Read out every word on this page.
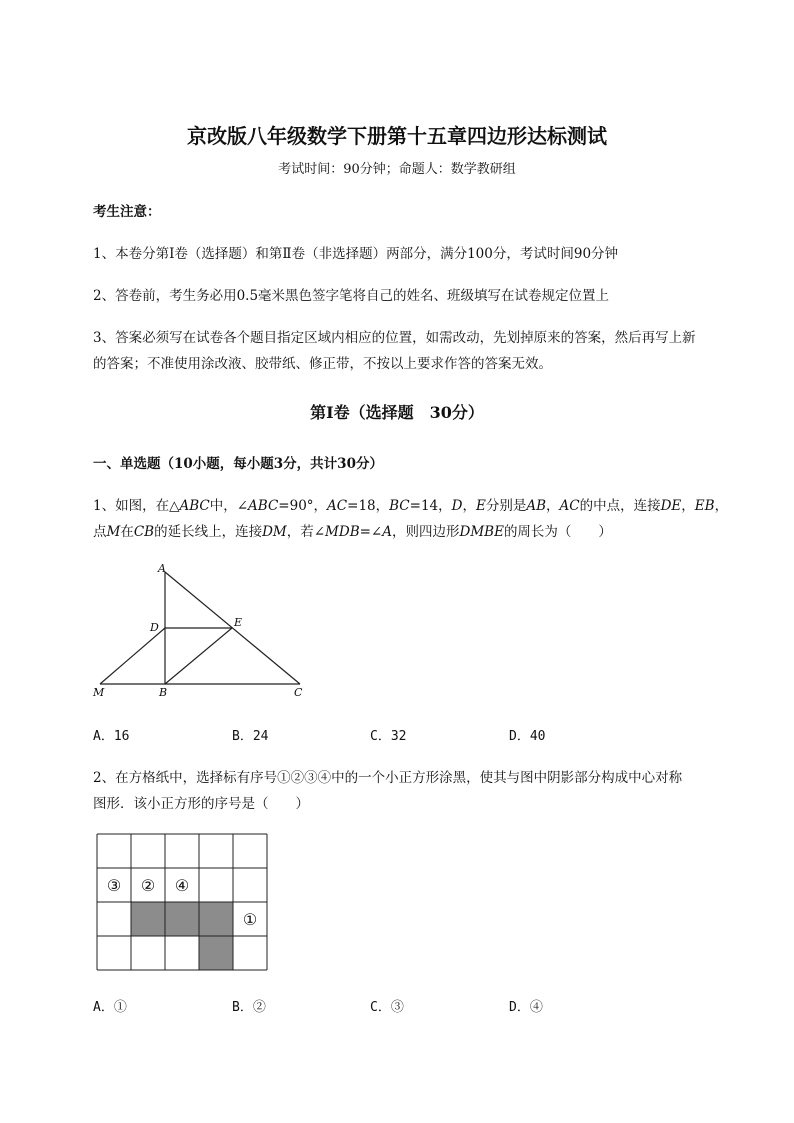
京改版八年级数学下册第十五章四边形达标测试
考试时间：90分钟；命题人：数学教研组
考生注意：
1、本卷分第I卷（选择题）和第Ⅱ卷（非选择题）两部分，满分100分，考试时间90分钟
2、答卷前，考生务必用0.5毫米黑色签字笔将自己的姓名、班级填写在试卷规定位置上
3、答案必须写在试卷各个题目指定区域内相应的位置，如需改动，先划掉原来的答案，然后再写上新
的答案；不准使用涂改液、胶带纸、修正带，不按以上要求作答的答案无效。
第I卷（选择题　30分）
一、单选题（10小题，每小题3分，共计30分）
1、如图，在△ABC中，∠ABC=90°，AC=18，BC=14，D，E分别是AB，AC的中点，连接DE，EB，
点M在CB的延长线上，连接DM，若∠MDB=∠A，则四边形DMBE的周长为（　　）
A
D	E
M	B	C
③ ② ④
①
A．16	B．24	C．32	D．40
2、在方格纸中，选择标有序号①②③④中的一个小正方形涂黑，使其与图中阴影部分构成中心对称
图形．该小正方形的序号是（　　）
A．①	B．②	C．③	D．④
